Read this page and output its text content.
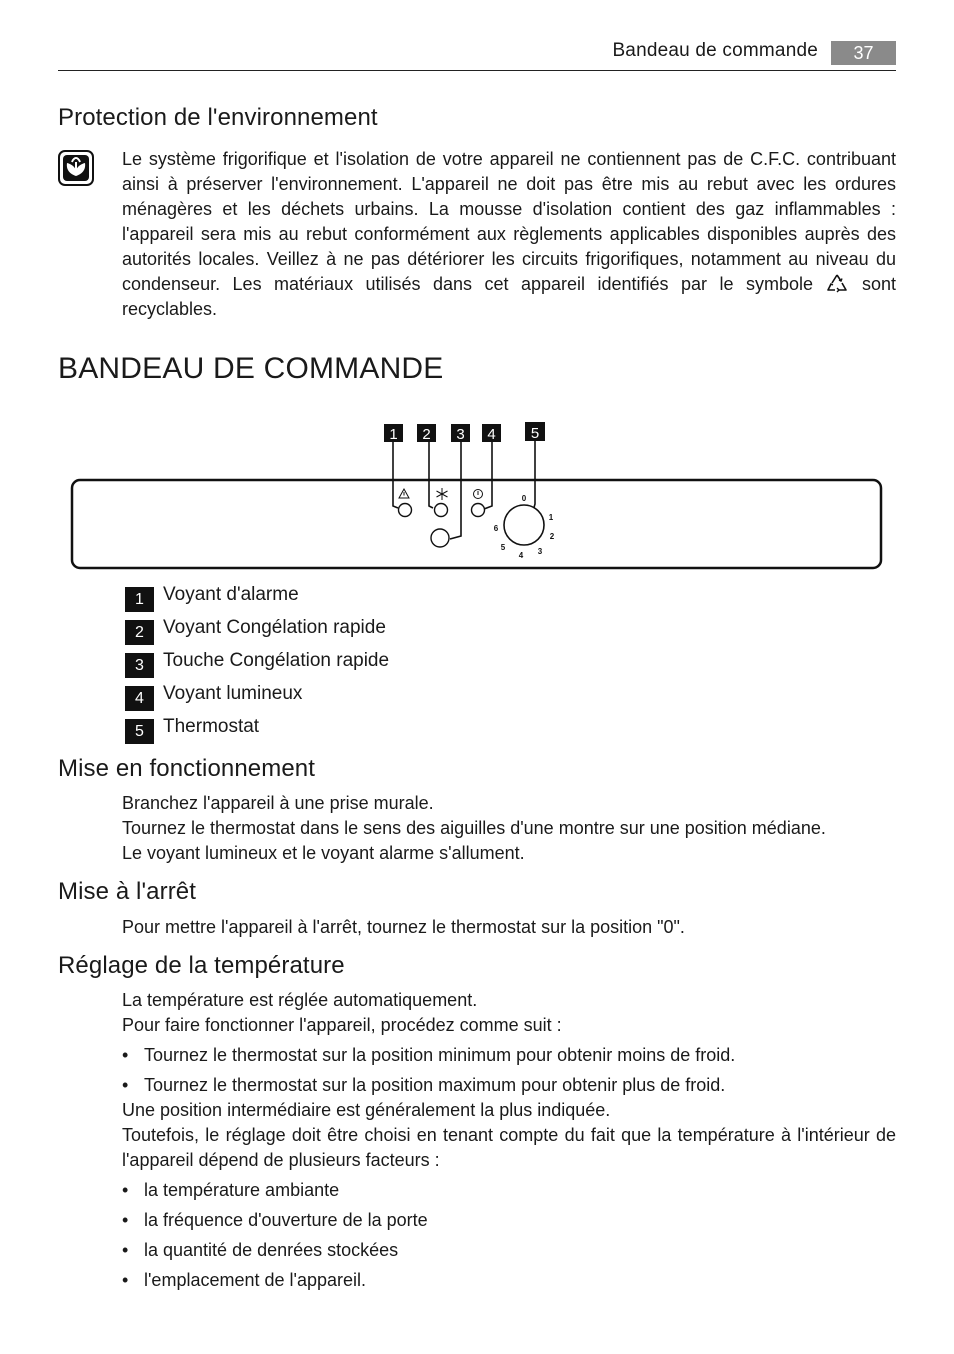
Bandeau de commande	37
Protection de l'environnement
Le système frigorifique et l'isolation de votre appareil ne contiennent pas de C.F.C. contribuant ainsi à préserver l'environnement. L'appareil ne doit pas être mis au rebut avec les ordures ménagères et les déchets urbains. La mousse d'isolation contient des gaz inflammables : l'appareil sera mis au rebut conformément aux règlements applicables disponibles auprès des autorités locales. Veillez à ne pas détériorer les circuits frigorifiques, notamment au niveau du condenseur. Les matériaux utilisés dans cet appareil identifiés par le symbole	sont recyclables.
BANDEAU DE COMMANDE
1 2 3 4 5
0
1
2
3
4
5
6
1	Voyant d'alarme
2	Voyant Congélation rapide
3	Touche Congélation rapide
4	Voyant lumineux
5	Thermostat
Mise en fonctionnement

Branchez l'appareil à une prise murale.

Tournez le thermostat dans le sens des aiguilles d'une montre sur une position médiane.

Le voyant lumineux et le voyant alarme s'allument.

Mise à l'arrêt
Pour mettre l'appareil à l'arrêt, tournez le thermostat sur la position "0".
Réglage de la température

La température est réglée automatiquement.

Pour faire fonctionner l'appareil, procédez comme suit :

• Tournez le thermostat sur la position minimum pour obtenir moins de froid.
• Tournez le thermostat sur la position maximum pour obtenir plus de froid.

Une position intermédiaire est généralement la plus indiquée.

Toutefois, le réglage doit être choisi en tenant compte du fait que la température à l'intérieur de l'appareil dépend de plusieurs facteurs :

• la température ambiante
• la fréquence d'ouverture de la porte
• la quantité de denrées stockées
• l'emplacement de l'appareil.
